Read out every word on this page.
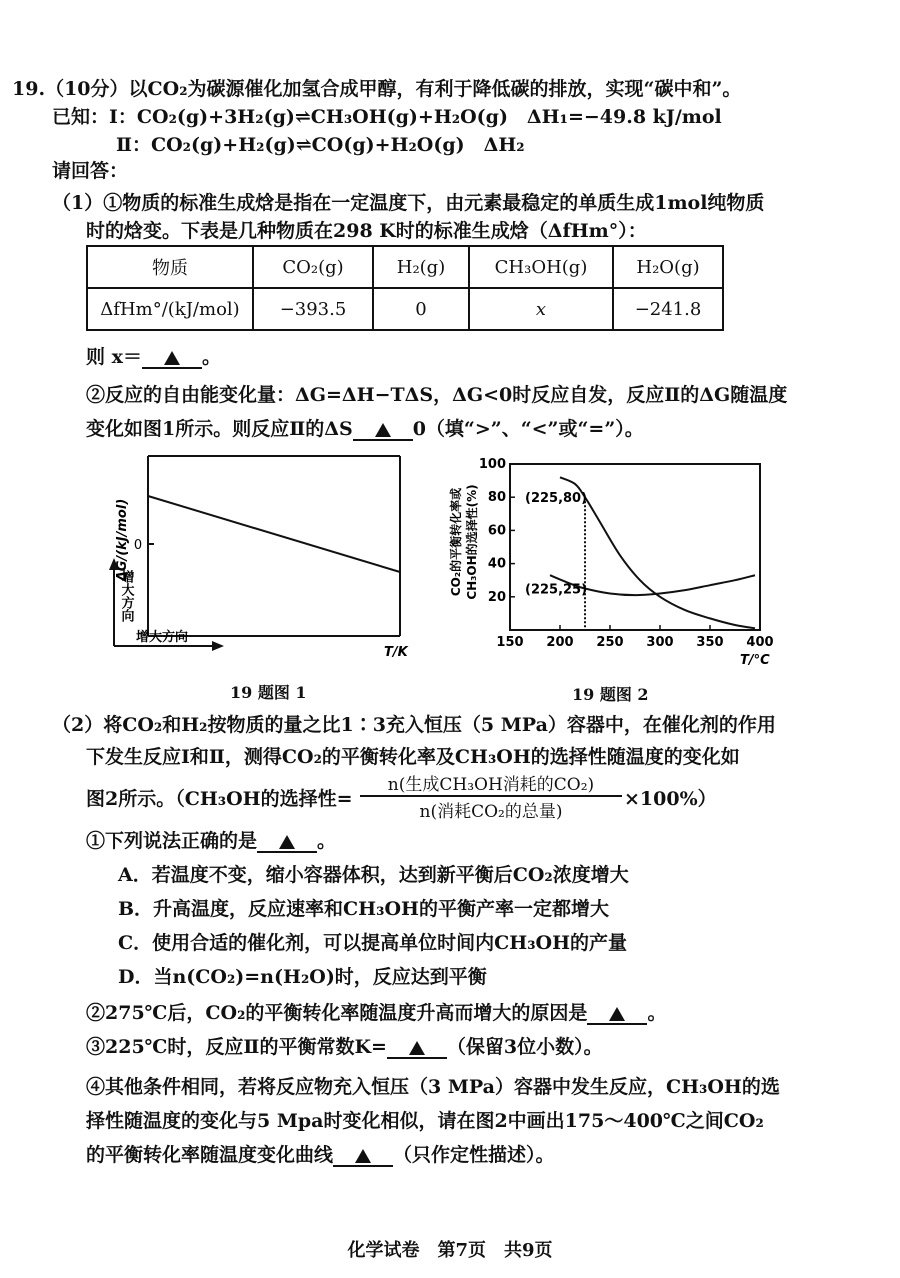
19.（10分）以CO₂为碳源催化加氢合成甲醇，有利于降低碳的排放，实现“碳中和”。
已知：Ⅰ：CO₂(g)+3H₂(g)⇌CH₃OH(g)+H₂O(g)　ΔH₁=−49.8 kJ/mol
Ⅱ：CO₂(g)+H₂(g)⇌CO(g)+H₂O(g)　ΔH₂
请回答：
（1）①物质的标准生成焓是指在一定温度下，由元素最稳定的单质生成1mol纯物质
时的焓变。下表是几种物质在298 K时的标准生成焓（ΔfHm°）：
物质	CO₂(g)	H₂(g)	CH₃OH(g)	H₂O(g)
ΔfHm°/(kJ/mol)	−393.5	0	x	−241.8
则 x＝	。
②反应的自由能变化量：ΔG=ΔH−TΔS，ΔG<0时反应自发，反应Ⅱ的ΔG随温度
变化如图1所示。则反应Ⅱ的ΔS	0（填“>”、“<”或“=”）。
0
ΔG/(kJ/mol)
增大方向
增大方向
T/K
19 题图 1
CO₂的平衡转化率或 CH₃OH的选择性(%)
150 200 250 300 350 400
20
40
60
80
100
(225,80)
(225,25)
T/°C
19 题图 2
（2）将CO₂和H₂按物质的量之比1∶3充入恒压（5 MPa）容器中，在催化剂的作用
下发生反应Ⅰ和Ⅱ，测得CO₂的平衡转化率及CH₃OH的选择性随温度的变化如
图2所示。（CH₃OH的选择性=
n(生成CH₃OH消耗的CO₂)
n(消耗CO₂的总量)
×100%）
①下列说法正确的是	。
A．若温度不变，缩小容器体积，达到新平衡后CO₂浓度增大
B．升高温度，反应速率和CH₃OH的平衡产率一定都增大
C．使用合适的催化剂，可以提高单位时间内CH₃OH的产量
D．当n(CO₂)=n(H₂O)时，反应达到平衡
②275℃后，CO₂的平衡转化率随温度升高而增大的原因是	。
③225℃时，反应Ⅱ的平衡常数K=	（保留3位小数）。
④其他条件相同，若将反应物充入恒压（3 MPa）容器中发生反应，CH₃OH的选
择性随温度的变化与5 Mpa时变化相似，请在图2中画出175～400℃之间CO₂
的平衡转化率随温度变化曲线	（只作定性描述）。
化学试卷　第7页　共9页
